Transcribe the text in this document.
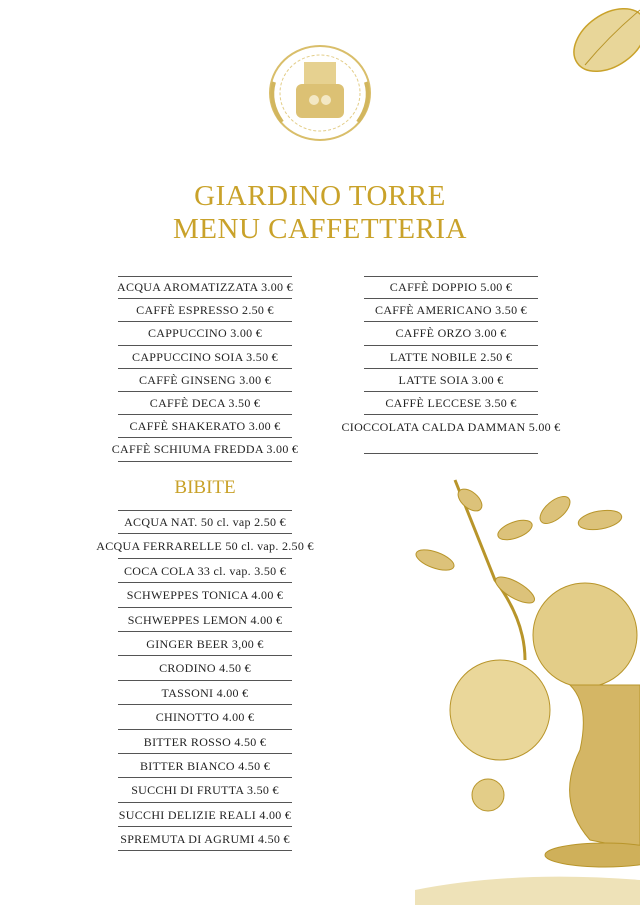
GIARDINO TORRE
MENU CAFFETTERIA
ACQUA AROMATIZZATA 3.00 €
CAFFÈ ESPRESSO 2.50 €
CAPPUCCINO 3.00 €
CAPPUCCINO SOIA 3.50 €
CAFFÈ GINSENG 3.00 €
CAFFÈ DECA 3.50 €
CAFFÈ SHAKERATO 3.00 €
CAFFÈ SCHIUMA FREDDA 3.00 €
CAFFÈ DOPPIO 5.00 €
CAFFÈ AMERICANO 3.50 €
CAFFÈ ORZO 3.00 €
LATTE NOBILE 2.50 €
LATTE SOIA 3.00 €
CAFFÈ LECCESE 3.50 €
CIOCCOLATA CALDA DAMMAN 5.00 €
BIBITE
ACQUA NAT. 50 cl. vap 2.50 €
ACQUA FERRARELLE 50 cl. vap. 2.50 €
COCA COLA 33 cl. vap. 3.50 €
SCHWEPPES TONICA 4.00 €
SCHWEPPES LEMON 4.00 €
GINGER BEER 3,00 €
CRODINO 4.50 €
TASSONI 4.00 €
CHINOTTO 4.00 €
BITTER ROSSO 4.50 €
BITTER BIANCO 4.50 €
SUCCHI DI FRUTTA 3.50 €
SUCCHI DELIZIE REALI 4.00 €
SPREMUTA DI AGRUMI 4.50 €
